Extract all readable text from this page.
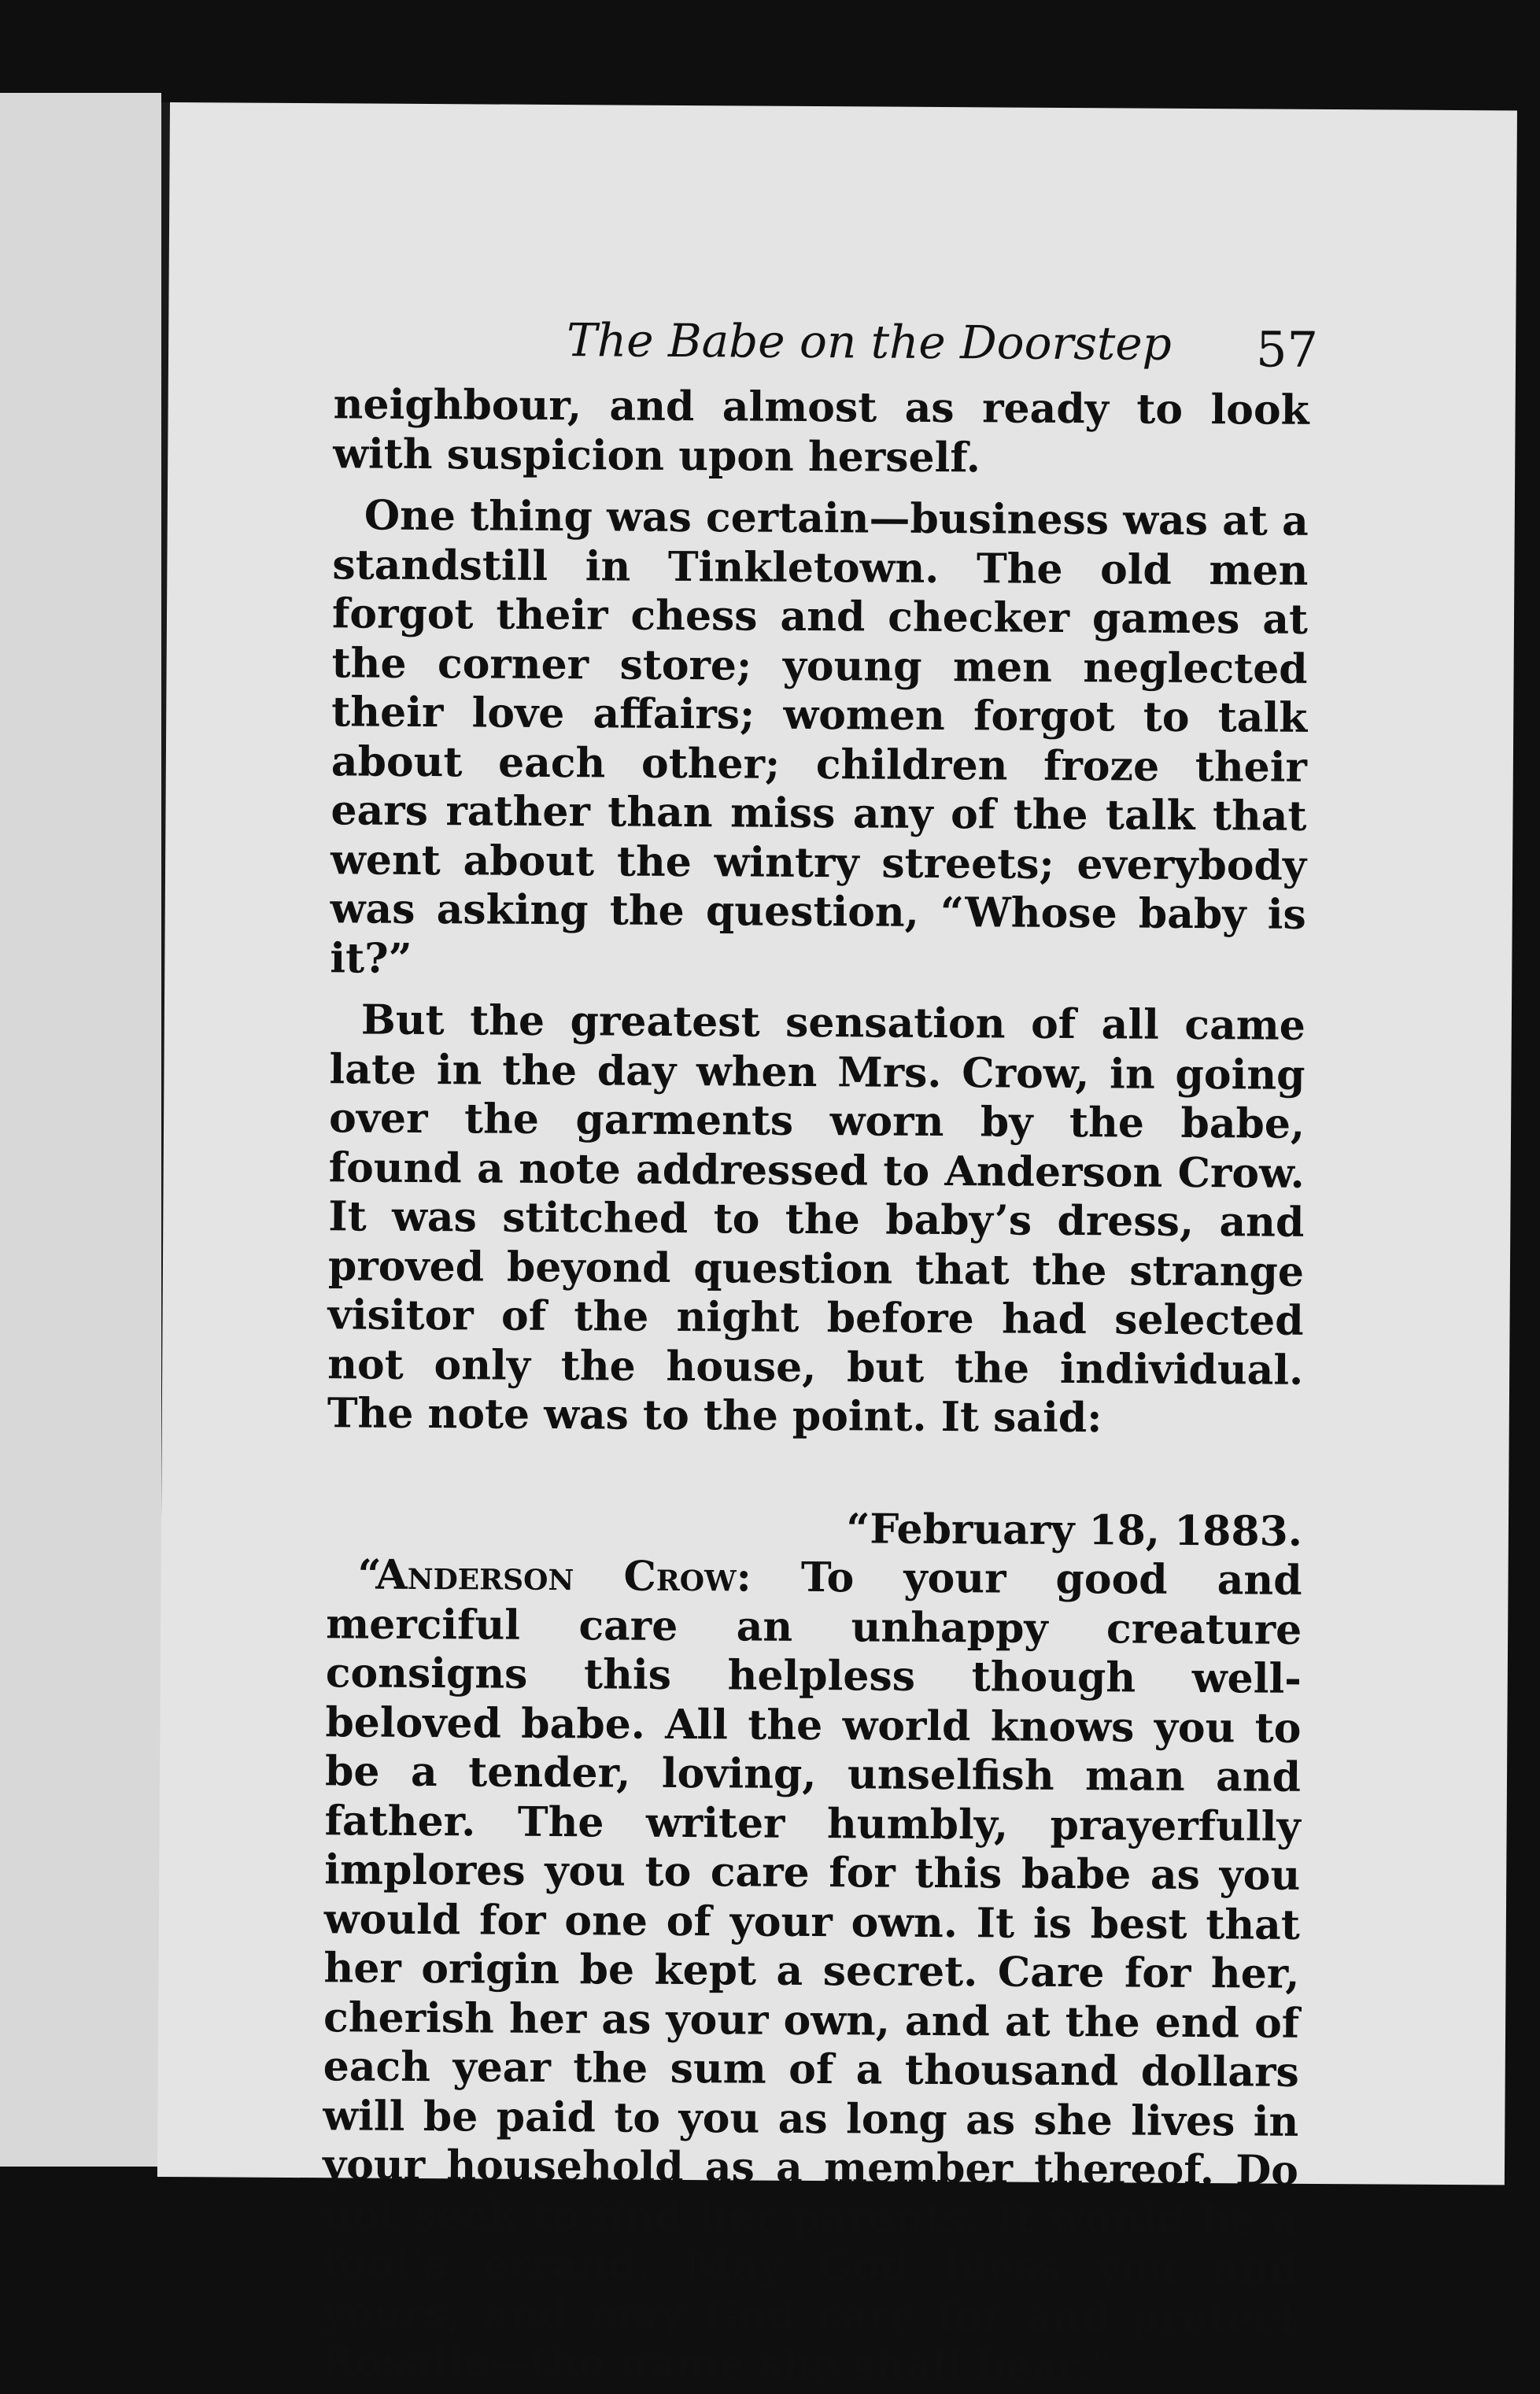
The Babe on the Doorstep 57

neighbour, and almost as ready to look with suspicion upon herself.

One thing was certain—business was at a standstill in Tinkletown. The old men forgot their chess and checker games at the corner store; young men neglected their love affairs; women forgot to talk about each other; children froze their ears rather than miss any of the talk that went about the wintry streets; everybody was asking the question, “Whose baby is it?”

But the greatest sensation of all came late in the day when Mrs. Crow, in going over the garments worn by the babe, found a note addressed to Anderson Crow. It was stitched to the baby’s dress, and proved beyond question that the strange visitor of the night before had selected not only the house, but the individual. The note was to the point. It said:

“February 18, 1883.

“Anderson Crow: To your good and merciful care an unhappy creature consigns this helpless though well-beloved babe. All the world knows you to be a tender, loving, unselfish man and father. The writer humbly, prayerfully implores you to care for this babe as you would for one of your own. It is best that her origin be kept a secret. Care for her, cherish her as your own, and at the end of each year the sum of a thousand dollars will be paid to you as long as she lives in your household as a member thereof. Do not seek to find her parents. It would be a fool’s errand. May God bless you and yours, and may God care for and protect Rosalie—the name she shall bear.”
